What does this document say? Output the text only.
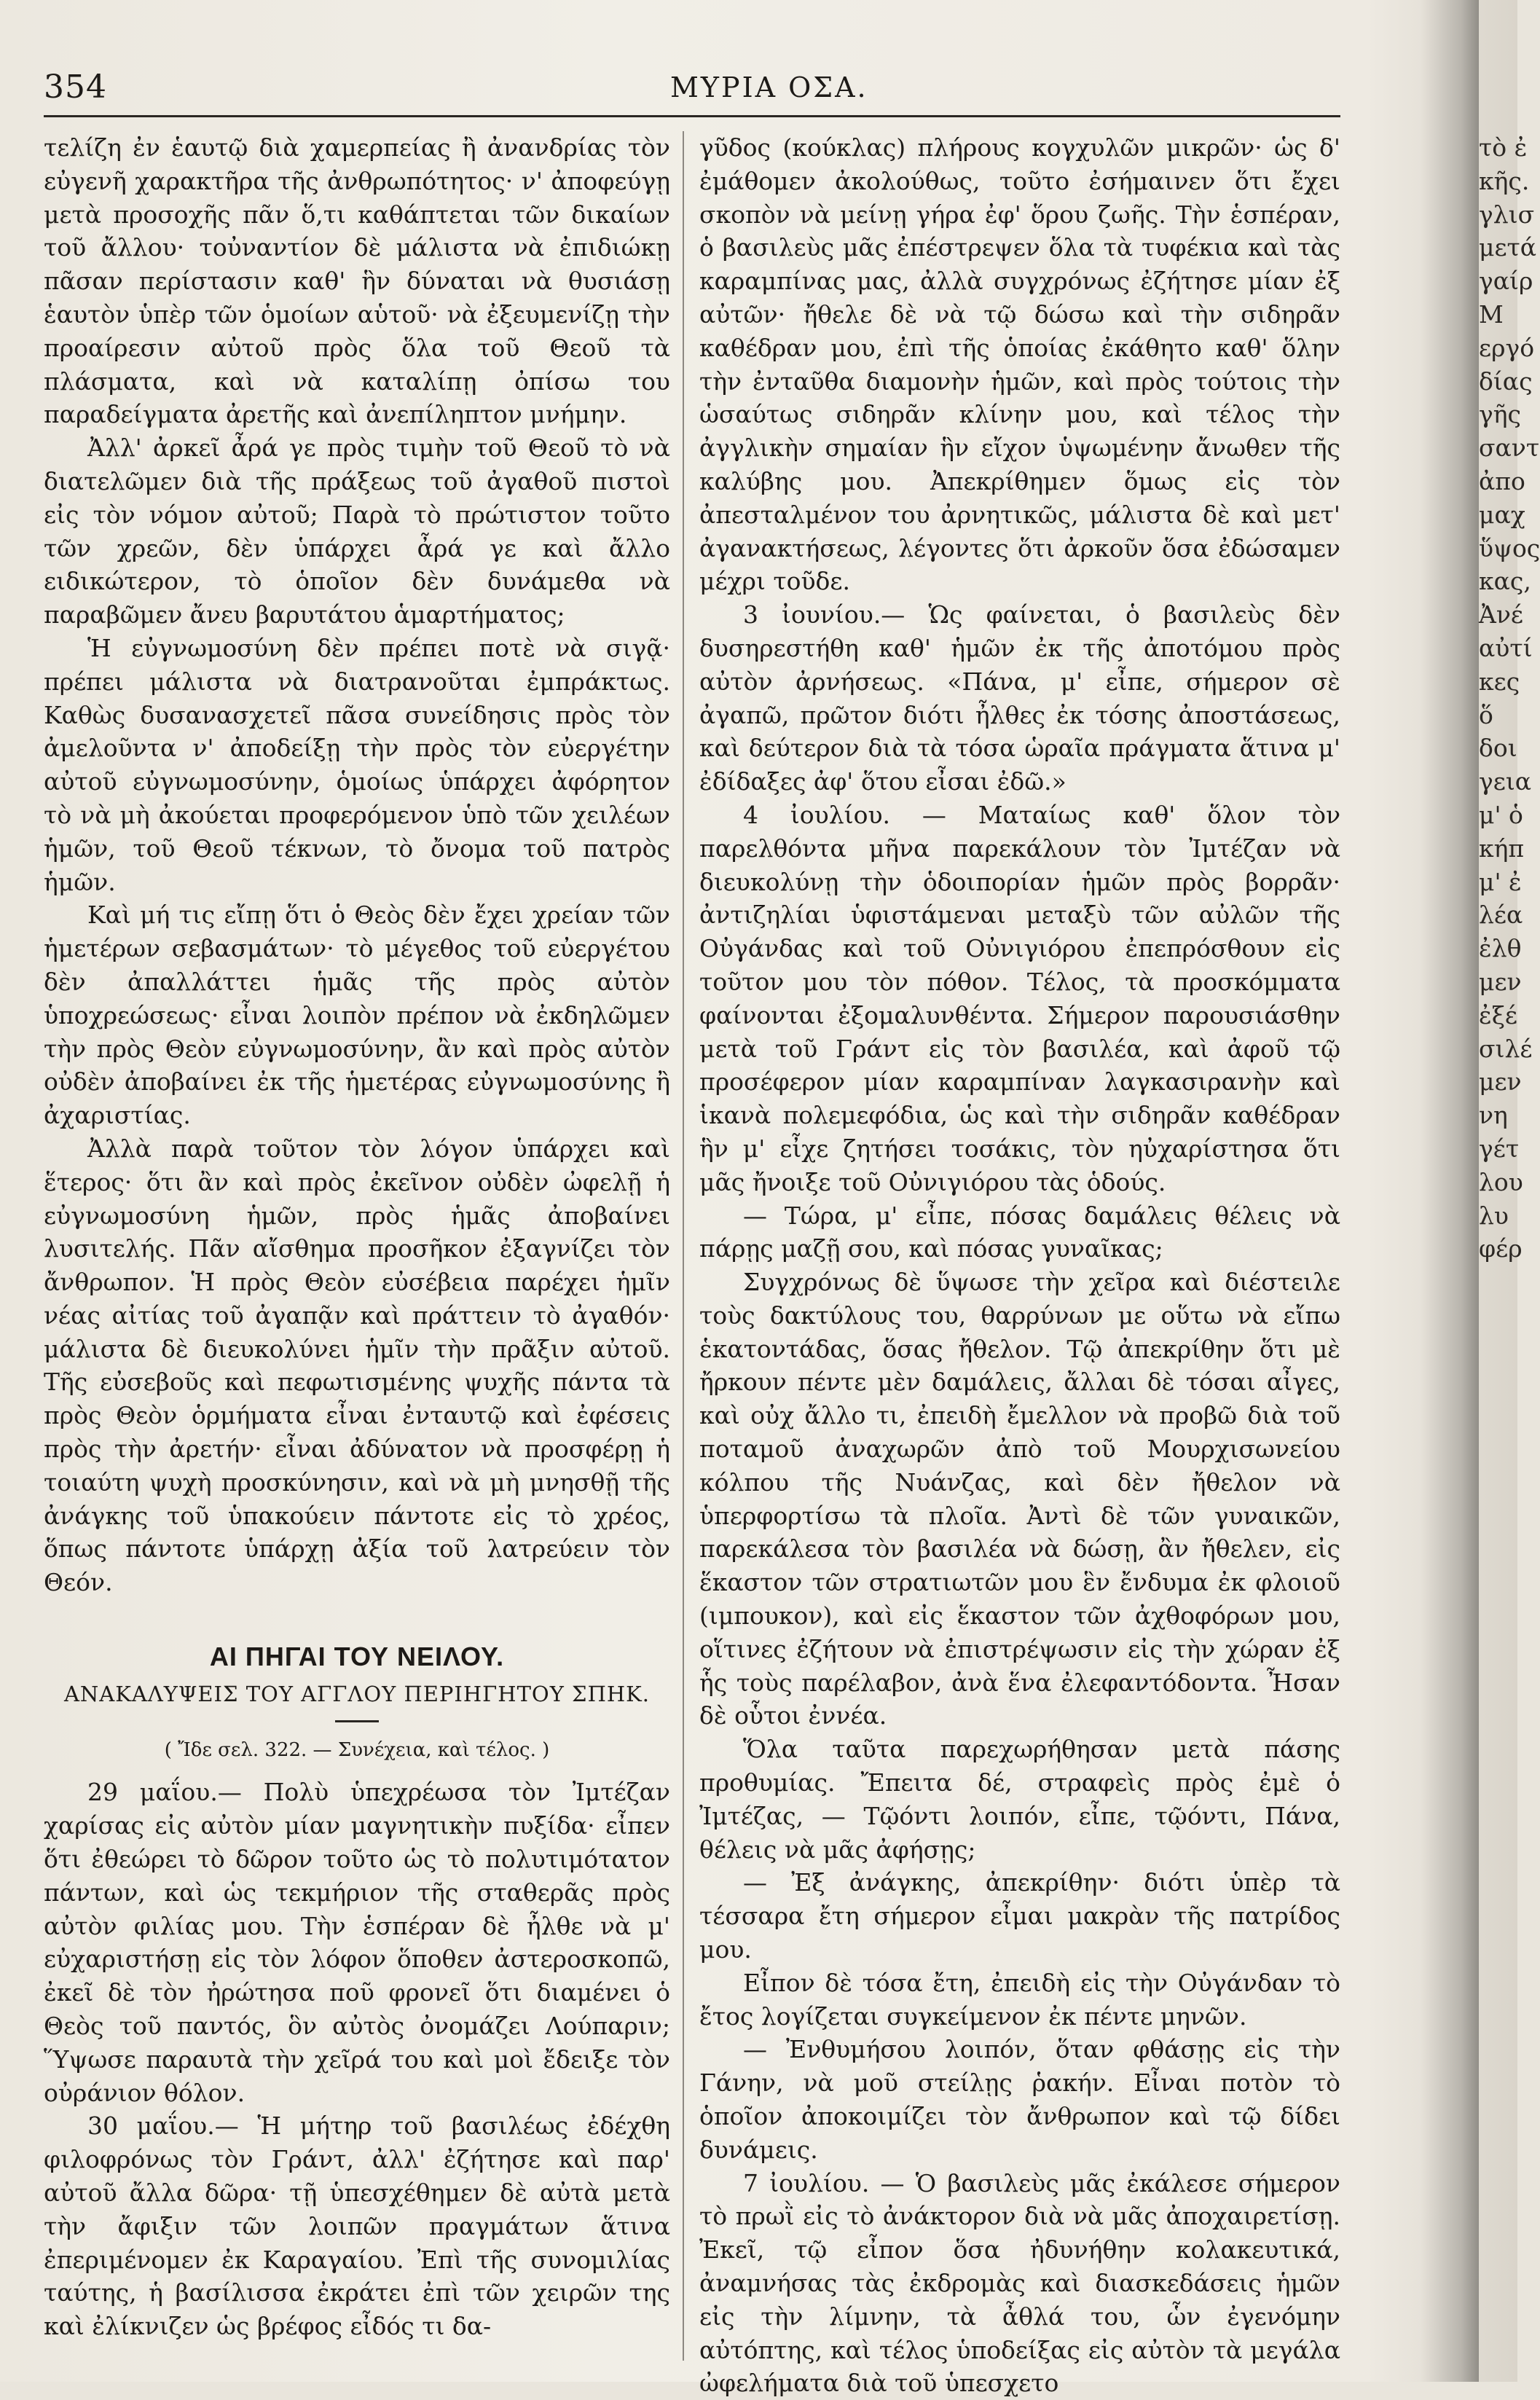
354	ΜΥΡΙΑ ΟΣΑ.

τελίζη ἐν ἑαυτῷ διὰ χαμερπείας ἢ ἀνανδρίας τὸν εὐγενῆ χαρακτῆρα τῆς ἀνθρωπότητος· ν' ἀποφεύγῃ μετὰ προσοχῆς πᾶν ὅ,τι καθάπτεται τῶν δικαίων τοῦ ἄλλου· τοὐναντίον δὲ μάλιστα νὰ ἐπιδιώκῃ πᾶσαν περίστασιν καθ' ἣν δύναται νὰ θυσιάσῃ ἑαυτὸν ὑπὲρ τῶν ὁμοίων αὑτοῦ· νὰ ἐξευμενίζῃ τὴν προαίρεσιν αὐτοῦ πρὸς ὅλα τοῦ Θεοῦ τὰ πλάσματα, καὶ νὰ καταλίπῃ ὀπίσω του παραδείγματα ἀρετῆς καὶ ἀνεπίληπτον μνήμην.

Ἀλλ' ἀρκεῖ ἆρά γε πρὸς τιμὴν τοῦ Θεοῦ τὸ νὰ διατελῶμεν διὰ τῆς πράξεως τοῦ ἀγαθοῦ πιστοὶ εἰς τὸν νόμον αὐτοῦ; Παρὰ τὸ πρώτιστον τοῦτο τῶν χρεῶν, δὲν ὑπάρχει ἆρά γε καὶ ἄλλο ειδικώτερον, τὸ ὁποῖον δὲν δυνάμεθα νὰ παραβῶμεν ἄνευ βαρυτάτου ἁμαρτήματος;

Ἡ εὐγνωμοσύνη δὲν πρέπει ποτὲ νὰ σιγᾷ· πρέπει μάλιστα νὰ διατρανοῦται ἐμπράκτως. Καθὼς δυσανασχετεῖ πᾶσα συνείδησις πρὸς τὸν ἀμελοῦντα ν' ἀποδείξῃ τὴν πρὸς τὸν εὐεργέτην αὐτοῦ εὐγνωμοσύνην, ὁμοίως ὑπάρχει ἀφόρητον τὸ νὰ μὴ ἀκούεται προφερόμενον ὑπὸ τῶν χειλέων ἡμῶν, τοῦ Θεοῦ τέκνων, τὸ ὄνομα τοῦ πατρὸς ἡμῶν.

Καὶ μή τις εἴπῃ ὅτι ὁ Θεὸς δὲν ἔχει χρείαν τῶν ἡμετέρων σεβασμάτων· τὸ μέγεθος τοῦ εὐεργέτου δὲν ἀπαλλάττει ἡμᾶς τῆς πρὸς αὐτὸν ὑποχρεώσεως· εἶναι λοιπὸν πρέπον νὰ ἐκδηλῶμεν τὴν πρὸς Θεὸν εὐγνωμοσύνην, ἂν καὶ πρὸς αὐτὸν οὐδὲν ἀποβαίνει ἐκ τῆς ἡμετέρας εὐγνωμοσύνης ἢ ἀχαριστίας.

Ἀλλὰ παρὰ τοῦτον τὸν λόγον ὑπάρχει καὶ ἕτερος· ὅτι ἂν καὶ πρὸς ἐκεῖνον οὐδὲν ὠφελῇ ἡ εὐγνωμοσύνη ἡμῶν, πρὸς ἡμᾶς ἀποβαίνει λυσιτελής. Πᾶν αἴσθημα προσῆκον ἐξαγνίζει τὸν ἄνθρωπον. Ἡ πρὸς Θεὸν εὐσέβεια παρέχει ἡμῖν νέας αἰτίας τοῦ ἀγαπᾷν καὶ πράττειν τὸ ἀγαθόν· μάλιστα δὲ διευκολύνει ἡμῖν τὴν πρᾶξιν αὐτοῦ. Τῆς εὐσεβοῦς καὶ πεφωτισμένης ψυχῆς πάντα τὰ πρὸς Θεὸν ὁρμήματα εἶναι ἐνταυτῷ καὶ ἐφέσεις πρὸς τὴν ἀρετήν· εἶναι ἀδύνατον νὰ προσφέρῃ ἡ τοιαύτη ψυχὴ προσκύνησιν, καὶ νὰ μὴ μνησθῇ τῆς ἀνάγκης τοῦ ὑπακούειν πάντοτε εἰς τὸ χρέος, ὅπως πάντοτε ὑπάρχῃ ἀξία τοῦ λατρεύειν τὸν Θεόν.

ΑΙ ΠΗΓΑΙ ΤΟΥ ΝΕΙΛΟΥ.
ΑΝΑΚΑΛΥΨΕΙΣ ΤΟΥ ΑΓΓΛΟΥ ΠΕΡΙΗΓΗΤΟΥ ΣΠΗΚ.
( Ἴδε σελ. 322. — Συνέχεια, καὶ τέλος. )

29 μαΐου.— Πολὺ ὑπεχρέωσα τὸν Ἰμτέζαν χαρίσας εἰς αὐτὸν μίαν μαγνητικὴν πυξίδα· εἶπεν ὅτι ἐθεώρει τὸ δῶρον τοῦτο ὡς τὸ πολυτιμότατον πάντων, καὶ ὡς τεκμήριον τῆς σταθερᾶς πρὸς αὐτὸν φιλίας μου. Τὴν ἑσπέραν δὲ ἦλθε νὰ μ' εὐχαριστήσῃ εἰς τὸν λόφον ὅποθεν ἀστεροσκοπῶ, ἐκεῖ δὲ τὸν ἠρώτησα ποῦ φρονεῖ ὅτι διαμένει ὁ Θεὸς τοῦ παντός, ὃν αὐτὸς ὀνομάζει Λούπαριν; Ὕψωσε παραυτὰ τὴν χεῖρά του καὶ μοὶ ἔδειξε τὸν οὐράνιον θόλον.

30 μαΐου.— Ἡ μήτηρ τοῦ βασιλέως ἐδέχθη φιλοφρόνως τὸν Γράντ, ἀλλ' ἐζήτησε καὶ παρ' αὐτοῦ ἄλλα δῶρα· τῇ ὑπεσχέθημεν δὲ αὐτὰ μετὰ τὴν ἄφιξιν τῶν λοιπῶν πραγμάτων ἅτινα ἐπεριμένομεν ἐκ Καραγαίου. Ἐπὶ τῆς συνομιλίας ταύτης, ἡ βασίλισσα ἐκράτει ἐπὶ τῶν χειρῶν της καὶ ἐλίκνιζεν ὡς βρέφος εἶδός τι δα-

γῦδος (κούκλας) πλήρους κογχυλῶν μικρῶν· ὡς δ' ἐμάθομεν ἀκολούθως, τοῦτο ἐσήμαινεν ὅτι ἔχει σκοπὸν νὰ μείνῃ γήρα ἐφ' ὅρου ζωῆς. Τὴν ἑσπέραν, ὁ βασιλεὺς μᾶς ἐπέστρεψεν ὅλα τὰ τυφέκια καὶ τὰς καραμπίνας μας, ἀλλὰ συγχρόνως ἐζήτησε μίαν ἐξ αὐτῶν· ἤθελε δὲ νὰ τῷ δώσω καὶ τὴν σιδηρᾶν καθέδραν μου, ἐπὶ τῆς ὁποίας ἐκάθητο καθ' ὅλην τὴν ἐνταῦθα διαμονὴν ἡμῶν, καὶ πρὸς τούτοις τὴν ὡσαύτως σιδηρᾶν κλίνην μου, καὶ τέλος τὴν ἀγγλικὴν σημαίαν ἣν εἴχον ὑψωμένην ἄνωθεν τῆς καλύβης μου. Ἀπεκρίθημεν ὅμως εἰς τὸν ἀπεσταλμένον του ἀρνητικῶς, μάλιστα δὲ καὶ μετ' ἀγανακτήσεως, λέγοντες ὅτι ἀρκοῦν ὅσα ἐδώσαμεν μέχρι τοῦδε.

3 ἰουνίου.— Ὡς φαίνεται, ὁ βασιλεὺς δὲν δυσηρεστήθη καθ' ἡμῶν ἐκ τῆς ἀποτόμου πρὸς αὐτὸν ἀρνήσεως. «Πάνα, μ' εἶπε, σήμερον σὲ ἀγαπῶ, πρῶτον διότι ἦλθες ἐκ τόσης ἀποστάσεως, καὶ δεύτερον διὰ τὰ τόσα ὡραῖα πράγματα ἅτινα μ' ἐδίδαξες ἀφ' ὅτου εἶσαι ἐδῶ.»

4 ἰουλίου. — Ματαίως καθ' ὅλον τὸν παρελθόντα μῆνα παρεκάλουν τὸν Ἰμτέζαν νὰ διευκολύνῃ τὴν ὁδοιπορίαν ἡμῶν πρὸς βορρᾶν· ἀντιζηλίαι ὑφιστάμεναι μεταξὺ τῶν αὐλῶν τῆς Οὐγάνδας καὶ τοῦ Οὐνιγιόρου ἐπεπρόσθουν εἰς τοῦτον μου τὸν πόθον. Τέλος, τὰ προσκόμματα φαίνονται ἐξομαλυνθέντα. Σήμερον παρουσιάσθην μετὰ τοῦ Γράντ εἰς τὸν βασιλέα, καὶ ἀφοῦ τῷ προσέφερον μίαν καραμπίναν λαγκασιρανὴν καὶ ἱκανὰ πολεμεφόδια, ὡς καὶ τὴν σιδηρᾶν καθέδραν ἣν μ' εἶχε ζητήσει τοσάκις, τὸν ηὐχαρίστησα ὅτι μᾶς ἤνοιξε τοῦ Οὐνιγιόρου τὰς ὁδούς.

— Τώρα, μ' εἶπε, πόσας δαμάλεις θέλεις νὰ πάρῃς μαζῇ σου, καὶ πόσας γυναῖκας;

Συγχρόνως δὲ ὕψωσε τὴν χεῖρα καὶ διέστειλε τοὺς δακτύλους του, θαρρύνων με οὕτω νὰ εἴπω ἑκατοντάδας, ὅσας ἤθελον. Τῷ ἀπεκρίθην ὅτι μὲ ἤρκουν πέντε μὲν δαμάλεις, ἄλλαι δὲ τόσαι αἶγες, καὶ οὐχ ἄλλο τι, ἐπειδὴ ἔμελλον νὰ προβῶ διὰ τοῦ ποταμοῦ ἀναχωρῶν ἀπὸ τοῦ Μουρχισωνείου κόλπου τῆς Νυάνζας, καὶ δὲν ἤθελον νὰ ὑπερφορτίσω τὰ πλοῖα. Ἀντὶ δὲ τῶν γυναικῶν, παρεκάλεσα τὸν βασιλέα νὰ δώσῃ, ἂν ἤθελεν, εἰς ἕκαστον τῶν στρατιωτῶν μου ἓν ἔνδυμα ἐκ φλοιοῦ (ιμπουκον), καὶ εἰς ἕκαστον τῶν ἀχθοφόρων μου, οἵτινες ἐζήτουν νὰ ἐπιστρέψωσιν εἰς τὴν χώραν ἐξ ἧς τοὺς παρέλαβον, ἀνὰ ἕνα ἐλεφαντόδοντα. Ἦσαν δὲ οὗτοι ἐννέα.

Ὅλα ταῦτα παρεχωρήθησαν μετὰ πάσης προθυμίας. Ἔπειτα δέ, στραφεὶς πρὸς ἐμὲ ὁ Ἰμτέζας, — Τῷόντι λοιπόν, εἶπε, τῷόντι, Πάνα, θέλεις νὰ μᾶς ἀφήσῃς;

— Ἐξ ἀνάγκης, ἀπεκρίθην· διότι ὑπὲρ τὰ τέσσαρα ἔτη σήμερον εἶμαι μακρὰν τῆς πατρίδος μου.

Εἶπον δὲ τόσα ἔτη, ἐπειδὴ εἰς τὴν Οὐγάνδαν τὸ ἔτος λογίζεται συγκείμενον ἐκ πέντε μηνῶν.

— Ἐνθυμήσου λοιπόν, ὅταν φθάσῃς εἰς τὴν Γάνην, νὰ μοῦ στείλῃς ῥακήν. Εἶναι ποτὸν τὸ ὁποῖον ἀποκοιμίζει τὸν ἄνθρωπον καὶ τῷ δίδει δυνάμεις.

7 ἰουλίου. — Ὁ βασιλεὺς μᾶς ἐκάλεσε σήμερον τὸ πρωῒ εἰς τὸ ἀνάκτορον διὰ νὰ μᾶς ἀποχαιρετίσῃ. Ἐκεῖ, τῷ εἶπον ὅσα ἠδυνήθην κολακευτικά, ἀναμνήσας τὰς ἐκδρομὰς καὶ διασκεδάσεις ἡμῶν εἰς τὴν λίμνην, τὰ ἆθλά του, ὧν ἐγενόμην αὐτόπτης, καὶ τέλος ὑποδείξας εἰς αὐτὸν τὰ μεγάλα ὠφελήματα διὰ τοῦ ὑπεσχετο

τὸ ἐ
κῆς.
γλισ
μετά
γαίρ
Μ
εργό
δίας
γῆς
σαντ
ἀπο
μαχ
ὕψος
κας,
Ἀνέ
αὐτί
κες
ὅ
δοι
γεια
μ' ὁ
κήπ
μ' ἐ
λέα
ἐλθ
μεν
ἐξέ
σιλέ
μεν
νη
γέτ
λου
λυ
φέρ
